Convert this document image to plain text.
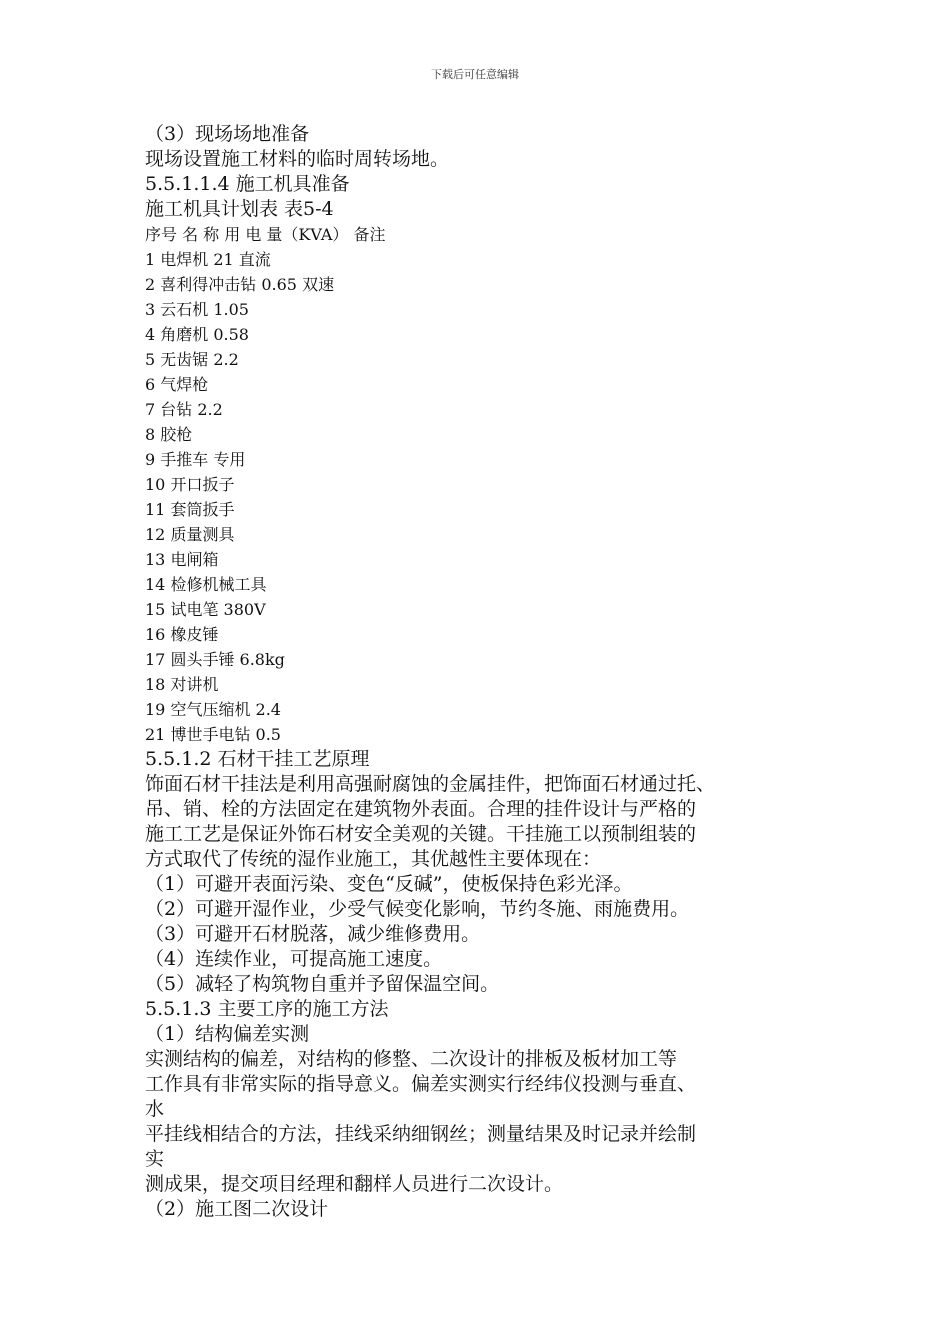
下载后可任意编辑
（3）现场场地准备
现场设置施工材料的临时周转场地。
5.5.1.1.4 施工机具准备
施工机具计划表 表5-4
序号 名 称 用 电 量（KVA） 备注
1 电焊机 21 直流
2 喜利得冲击钻 0.65 双速
3 云石机 1.05
4 角磨机 0.58
5 无齿锯 2.2
6 气焊枪
7 台钻 2.2
8 胶枪
9 手推车 专用
10 开口扳子
11 套筒扳手
12 质量测具
13 电闸箱
14 检修机械工具
15 试电笔 380V
16 橡皮锤
17 圆头手锤 6.8kg
18 对讲机
19 空气压缩机 2.4
21 博世手电钻 0.5
5.5.1.2 石材干挂工艺原理
饰面石材干挂法是利用高强耐腐蚀的金属挂件，把饰面石材通过托、
吊、销、栓的方法固定在建筑物外表面。合理的挂件设计与严格的
施工工艺是保证外饰石材安全美观的关键。干挂施工以预制组装的
方式取代了传统的湿作业施工，其优越性主要体现在：
（1）可避开表面污染、变色“反碱”，使板保持色彩光泽。
（2）可避开湿作业，少受气候变化影响，节约冬施、雨施费用。
（3）可避开石材脱落，减少维修费用。
（4）连续作业，可提高施工速度。
（5）减轻了构筑物自重并予留保温空间。
5.5.1.3 主要工序的施工方法
（1）结构偏差实测
实测结构的偏差，对结构的修整、二次设计的排板及板材加工等
工作具有非常实际的指导意义。偏差实测实行经纬仪投测与垂直、
水
平挂线相结合的方法，挂线采纳细钢丝；测量结果及时记录并绘制
实
测成果，提交项目经理和翻样人员进行二次设计。
（2）施工图二次设计
